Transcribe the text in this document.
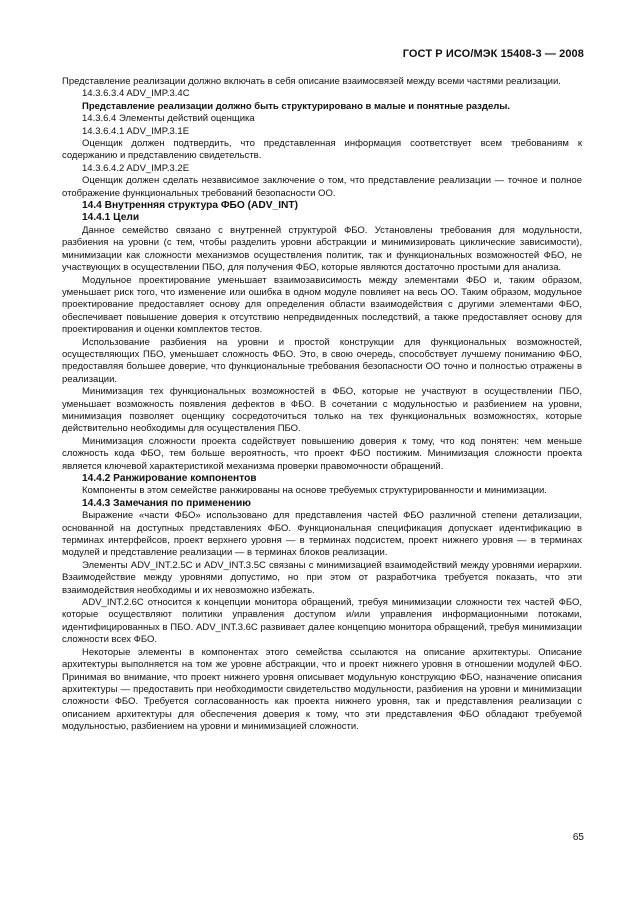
ГОСТ Р ИСО/МЭК 15408-3 — 2008

Представление реализации должно включать в себя описание взаимосвязей между всеми частями реализации.

14.3.6.3.4 ADV_IMP.3.4C

Представление реализации должно быть структурировано в малые и понятные разделы.

14.3.6.4 Элементы действий оценщика

14.3.6.4.1 ADV_IMP.3.1E

Оценщик должен подтвердить, что представленная информация соответствует всем требованиям к содержанию и представлению свидетельств.

14.3.6.4.2 ADV_IMP.3.2E

Оценщик должен сделать независимое заключение о том, что представление реализации — точное и полное отображение функциональных требований безопасности ОО.

14.4 Внутренняя структура ФБО (ADV_INT)

14.4.1 Цели

Данное семейство связано с внутренней структурой ФБО. Установлены требования для модульности, разбиения на уровни (с тем, чтобы разделить уровни абстракции и минимизировать циклические зависимости), минимизации как сложности механизмов осуществления политик, так и функциональных возможностей ФБО, не участвующих в осуществлении ПБО, для получения ФБО, которые являются достаточно простыми для анализа.

Модульное проектирование уменьшает взаимозависимость между элементами ФБО и, таким образом, уменьшает риск того, что изменение или ошибка в одном модуле повлияет на весь ОО. Таким образом, модульное проектирование предоставляет основу для определения области взаимодействия с другими элементами ФБО, обеспечивает повышение доверия к отсутствию непредвиденных последствий, а также предоставляет основу для проектирования и оценки комплектов тестов.

Использование разбиения на уровни и простой конструкции для функциональных возможностей, осуществляющих ПБО, уменьшает сложность ФБО. Это, в свою очередь, способствует лучшему пониманию ФБО, предоставляя большее доверие, что функциональные требования безопасности ОО точно и полностью отражены в реализации.

Минимизация тех функциональных возможностей в ФБО, которые не участвуют в осуществлении ПБО, уменьшает возможность появления дефектов в ФБО. В сочетании с модульностью и разбиением на уровни, минимизация позволяет оценщику сосредоточиться только на тех функциональных возможностях, которые действительно необходимы для осуществления ПБО.

Минимизация сложности проекта содействует повышению доверия к тому, что код понятен: чем меньше сложность кода ФБО, тем больше вероятность, что проект ФБО постижим. Минимизация сложности проекта является ключевой характеристикой механизма проверки правомочности обращений.

14.4.2 Ранжирование компонентов

Компоненты в этом семействе ранжированы на основе требуемых структурированности и минимизации.

14.4.3 Замечания по применению

Выражение «части ФБО» использовано для представления частей ФБО различной степени детализации, основанной на доступных представлениях ФБО. Функциональная спецификация допускает идентификацию в терминах интерфейсов, проект верхнего уровня — в терминах подсистем, проект нижнего уровня — в терминах модулей и представление реализации — в терминах блоков реализации.

Элементы ADV_INT.2.5C и ADV_INT.3.5C связаны с минимизацией взаимодействий между уровнями иерархии. Взаимодействие между уровнями допустимо, но при этом от разработчика требуется показать, что эти взаимодействия необходимы и их невозможно избежать.

ADV_INT.2.6C относится к концепции монитора обращений, требуя минимизации сложности тех частей ФБО, которые осуществляют политики управления доступом и/или управления информационными потоками, идентифицированных в ПБО. ADV_INT.3.6C развивает далее концепцию монитора обращений, требуя минимизации сложности всех ФБО.

Некоторые элементы в компонентах этого семейства ссылаются на описание архитектуры. Описание архитектуры выполняется на том же уровне абстракции, что и проект нижнего уровня в отношении модулей ФБО. Принимая во внимание, что проект нижнего уровня описывает модульную конструкцию ФБО, назначение описания архитектуры — предоставить при необходимости свидетельство модульности, разбиения на уровни и минимизации сложности ФБО. Требуется согласованность как проекта нижнего уровня, так и представления реализации с описанием архитектуры для обеспечения доверия к тому, что эти представления ФБО обладают требуемой модульностью, разбиением на уровни и минимизацией сложности.

65
